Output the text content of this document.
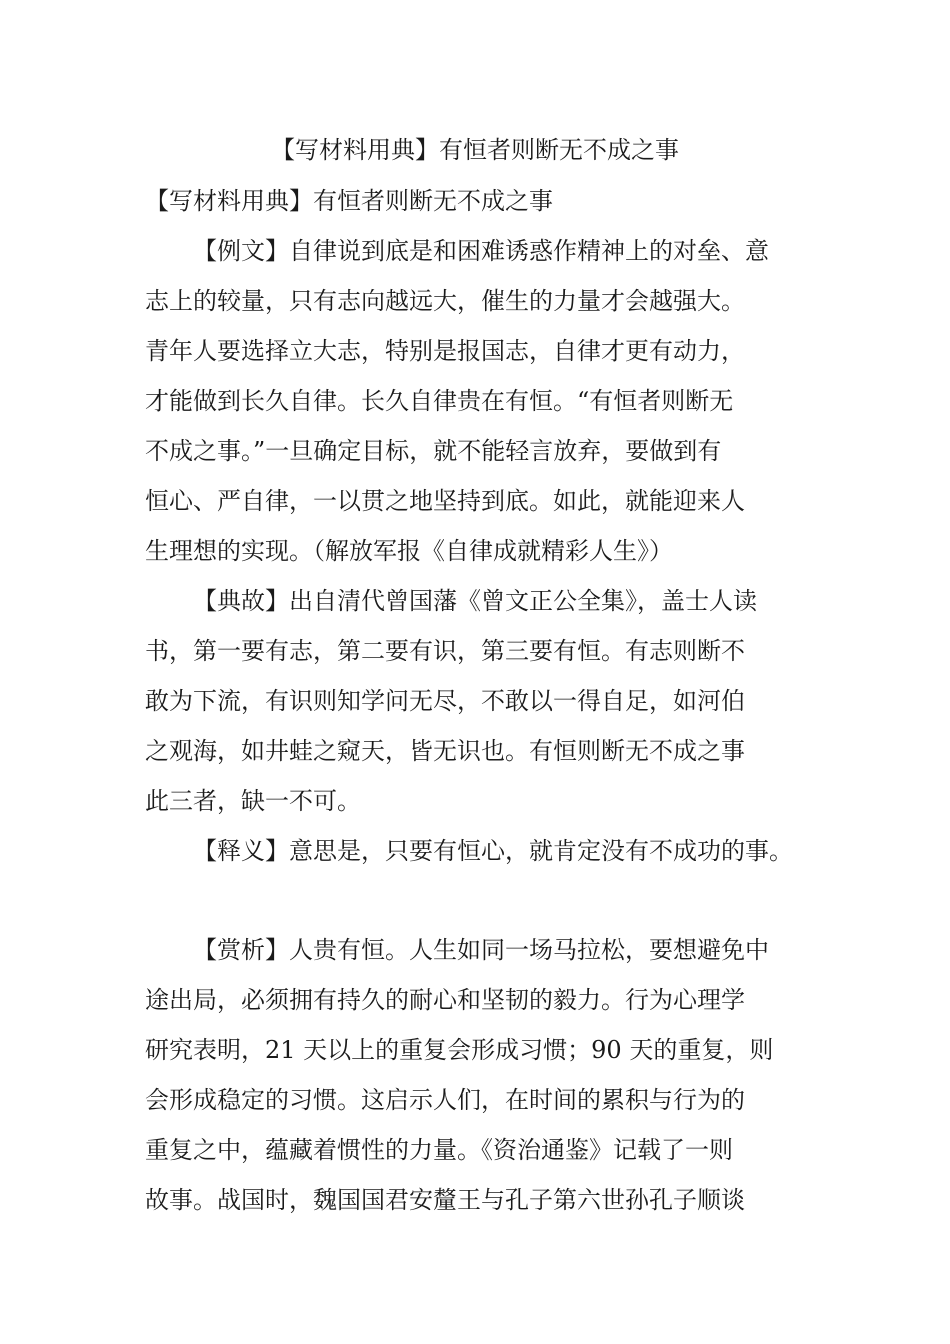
【写材料用典】有恒者则断无不成之事
【写材料用典】有恒者则断无不成之事
【例文】自律说到底是和困难诱惑作精神上的对垒、意
志上的较量，只有志向越远大，催生的力量才会越强大。
青年人要选择立大志，特别是报国志，自律才更有动力，
才能做到长久自律。长久自律贵在有恒。“有恒者则断无
不成之事。”一旦确定目标，就不能轻言放弃，要做到有
恒心、严自律，一以贯之地坚持到底。如此，就能迎来人
生理想的实现。（解放军报《自律成就精彩人生》）
【典故】出自清代曾国藩《曾文正公全集》，盖士人读
书，第一要有志，第二要有识，第三要有恒。有志则断不
敢为下流，有识则知学问无尽，不敢以一得自足，如河伯
之观海，如井蛙之窥天，皆无识也。有恒则断无不成之事
此三者，缺一不可。
【释义】意思是，只要有恒心，就肯定没有不成功的事。
【赏析】人贵有恒。人生如同一场马拉松，要想避免中
途出局，必须拥有持久的耐心和坚韧的毅力。行为心理学
研究表明，21 天以上的重复会形成习惯；90 天的重复，则
会形成稳定的习惯。这启示人们，在时间的累积与行为的
重复之中，蕴藏着惯性的力量。《资治通鉴》记载了一则
故事。战国时，魏国国君安釐王与孔子第六世孙孔子顺谈
